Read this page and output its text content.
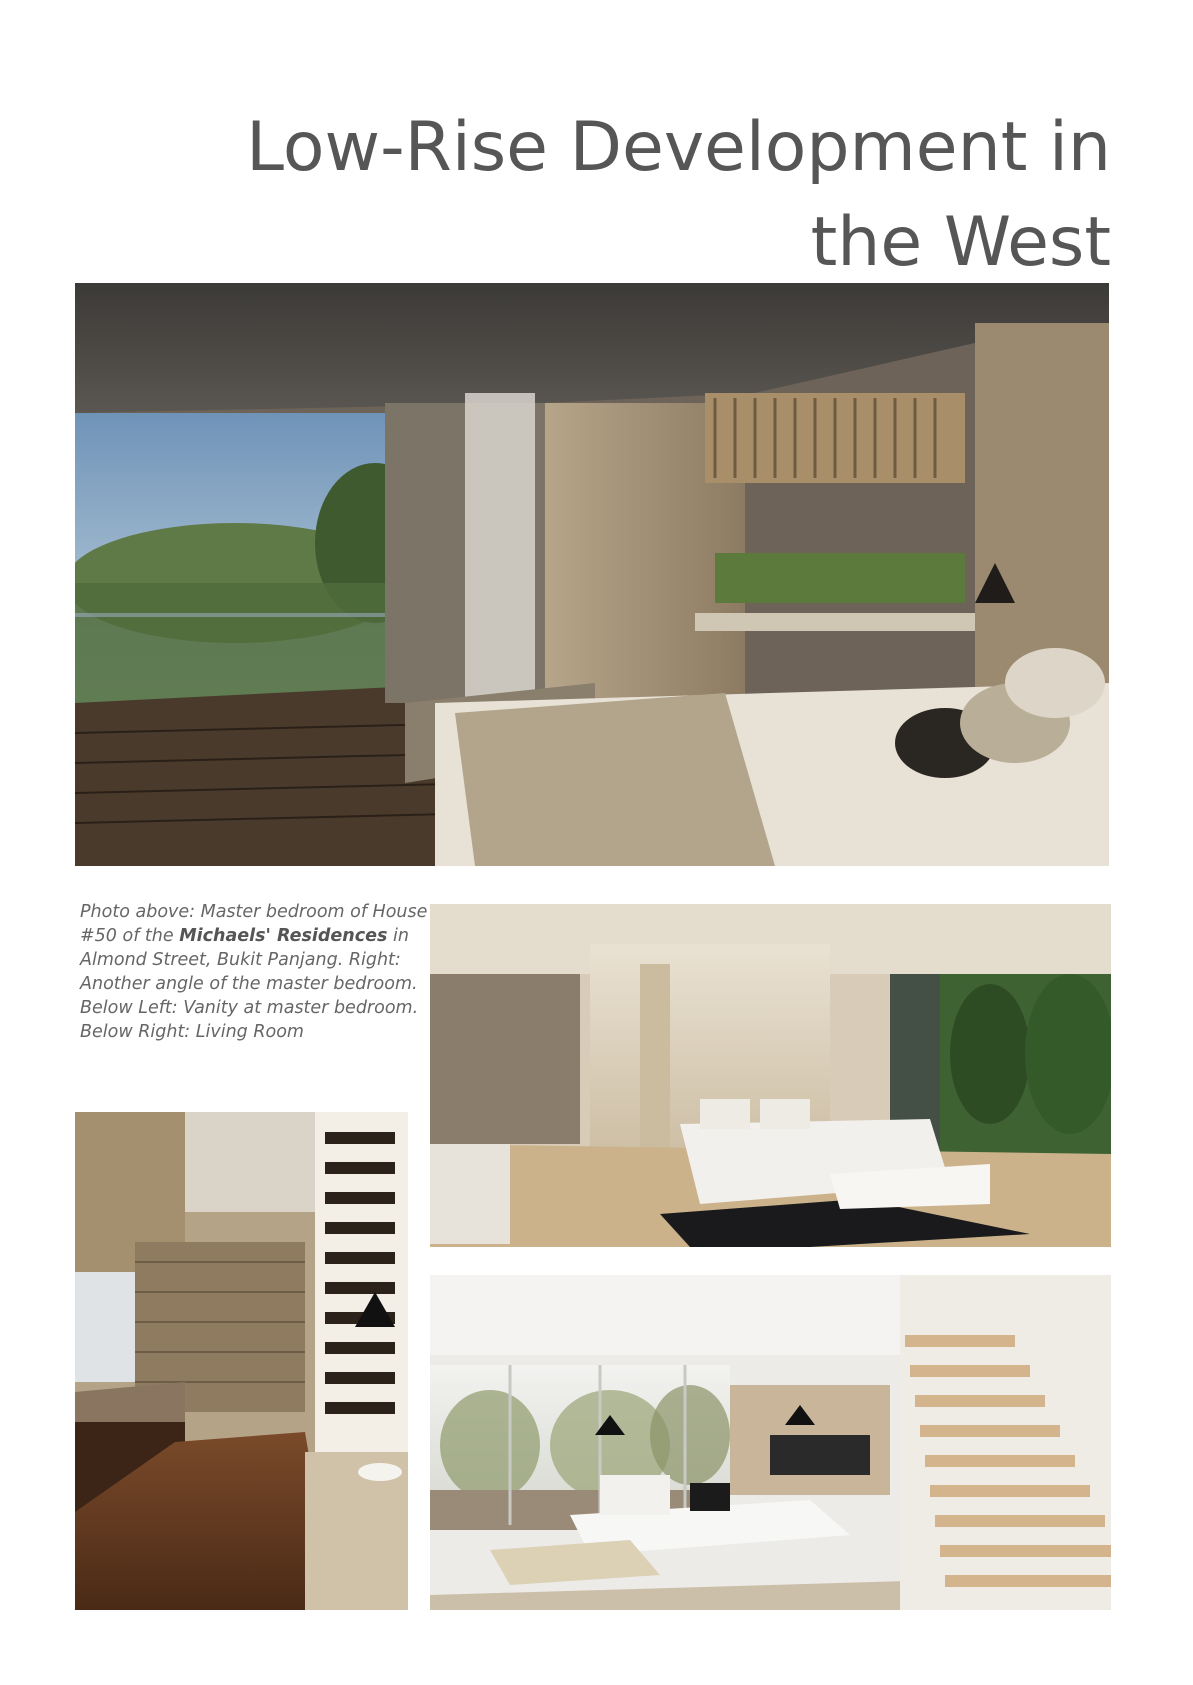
Low-Rise Development in
the West
Photo above: Master bedroom of House #50 of the Michaels' Residences in Almond Street, Bukit Panjang. Right: Another angle of the master bedroom. Below Left: Vanity at master bedroom. Below Right: Living Room
